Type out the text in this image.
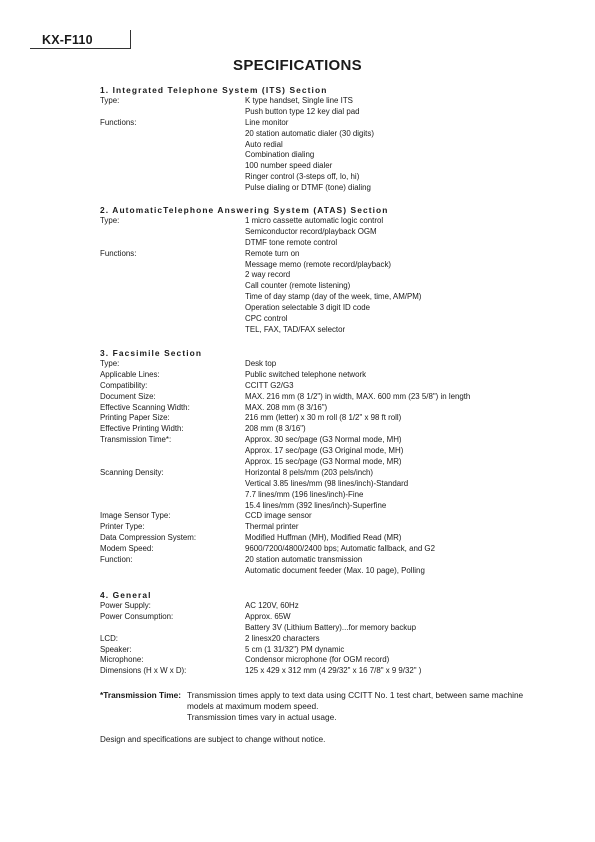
KX-F110
SPECIFICATIONS
1. Integrated Telephone System (ITS) Section
Type:	K type handset, Single line ITS
Push button type 12 key dial pad
Functions:	Line monitor
20 station automatic dialer (30 digits)
Auto redial
Combination dialing
100 number speed dialer
Ringer control (3-steps off, lo, hi)
Pulse dialing or DTMF (tone) dialing
2. AutomaticTelephone Answering System (ATAS) Section
Type:	1 micro cassette automatic logic control
Semiconductor record/playback OGM
DTMF tone remote control
Functions:	Remote turn on
Message memo (remote record/playback)
2 way record
Call counter (remote listening)
Time of day stamp (day of the week, time, AM/PM)
Operation selectable 3 digit ID code
CPC control
TEL, FAX, TAD/FAX selector
3. Facsimile Section
Type:	Desk top
Applicable Lines:	Public switched telephone network
Compatibility:	CCITT G2/G3
Document Size:	MAX. 216 mm (8 1/2") in width, MAX. 600 mm (23 5/8") in length
Effective Scanning Width:	MAX. 208 mm (8 3/16")
Printing Paper Size:	216 mm (letter) x 30 m roll (8 1/2" x 98 ft roll)
Effective Printing Width:	208 mm (8 3/16")
Transmission Time*:	Approx. 30 sec/page (G3 Normal mode, MH)
Approx. 17 sec/page (G3 Original mode, MH)
Approx. 15 sec/page (G3 Normal mode, MR)
Scanning Density:	Horizontal 8 pels/mm (203 pels/inch)
Vertical 3.85 lines/mm (98 lines/inch)-Standard
7.7 lines/mm (196 lines/inch)-Fine
15.4 lines/mm (392 lines/inch)-Superfine
Image Sensor Type:	CCD image sensor
Printer Type:	Thermal printer
Data Compression System:	Modified Huffman (MH), Modified Read (MR)
Modem Speed:	9600/7200/4800/2400 bps; Automatic fallback, and G2
Function:	20 station automatic transmission
Automatic document feeder (Max. 10 page), Polling
4. General
Power Supply:	AC 120V, 60Hz
Power Consumption:	Approx. 65W
Battery 3V (Lithium Battery)...for memory backup
LCD:	2 linesx20 characters
Speaker:	5 cm (1 31/32") PM dynamic
Microphone:	Condensor microphone (for OGM record)
Dimensions (H x W x D):	125 x 429 x 312 mm (4 29/32" x 16 7/8" x 9 9/32" )
*Transmission Time: Transmission times apply to text data using CCITT No. 1 test chart, between same machine
models at maximum modem speed.
Transmission times vary in actual usage.
Design and specifications are subject to change without notice.
